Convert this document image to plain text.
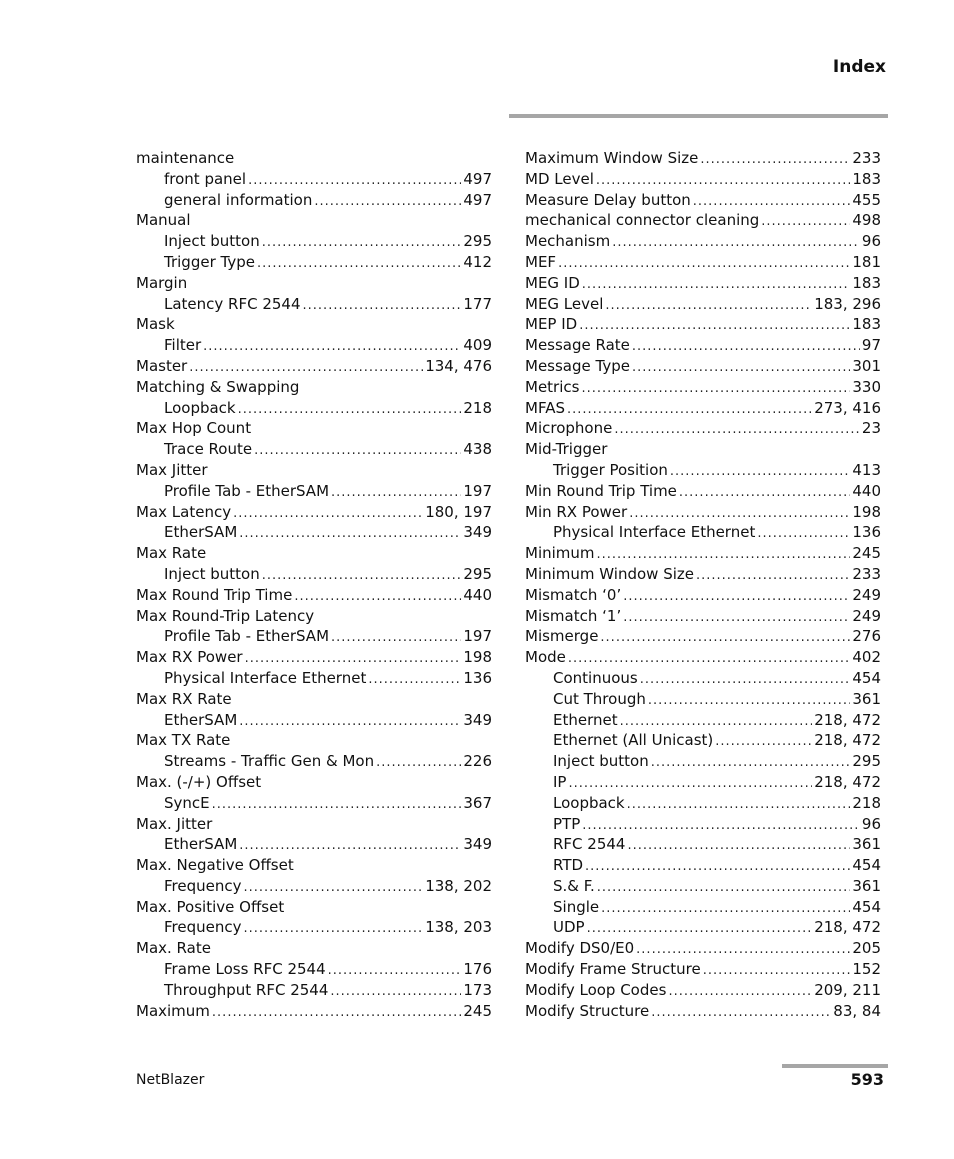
Index
maintenance
front panel .....	497
general information .....	497
Manual
Inject button .....	295
Trigger Type .....	412
Margin
Latency RFC 2544 .....	177
Mask
Filter .....	409
Master .....	134, 476
Matching & Swapping
Loopback .....	218
Max Hop Count
Trace Route .....	438
Max Jitter
Profile Tab - EtherSAM .....	197
Max Latency .....	180, 197
EtherSAM .....	349
Max Rate
Inject button .....	295
Max Round Trip Time .....	440
Max Round-Trip Latency
Profile Tab - EtherSAM .....	197
Max RX Power .....	198
Physical Interface Ethernet .....	136
Max RX Rate
EtherSAM .....	349
Max TX Rate
Streams - Traffic Gen & Mon .....	226
Max. (-/+) Offset
SyncE .....	367
Max. Jitter
EtherSAM .....	349
Max. Negative Offset
Frequency .....	138, 202
Max. Positive Offset
Frequency .....	138, 203
Max. Rate
Frame Loss RFC 2544 .....	176
Throughput RFC 2544 .....	173
Maximum .....	245
Maximum Window Size .....	233
MD Level .....	183
Measure Delay button .....	455
mechanical connector cleaning .....	498
Mechanism .....	96
MEF .....	181
MEG ID .....	183
MEG Level .....	183, 296
MEP ID .....	183
Message Rate .....	97
Message Type .....	301
Metrics .....	330
MFAS .....	273, 416
Microphone .....	23
Mid-Trigger
Trigger Position .....	413
Min Round Trip Time .....	440
Min RX Power .....	198
Physical Interface Ethernet .....	136
Minimum .....	245
Minimum Window Size .....	233
Mismatch ‘0’ .....	249
Mismatch ‘1’ .....	249
Mismerge .....	276
Mode .....	402
Continuous .....	454
Cut Through .....	361
Ethernet .....	218, 472
Ethernet (All Unicast) .....	218, 472
Inject button .....	295
IP .....	218, 472
Loopback .....	218
PTP .....	96
RFC 2544 .....	361
RTD .....	454
S.& F. .....	361
Single .....	454
UDP .....	218, 472
Modify DS0/E0 .....	205
Modify Frame Structure .....	152
Modify Loop Codes .....	209, 211
Modify Structure .....	83, 84
NetBlazer	593
